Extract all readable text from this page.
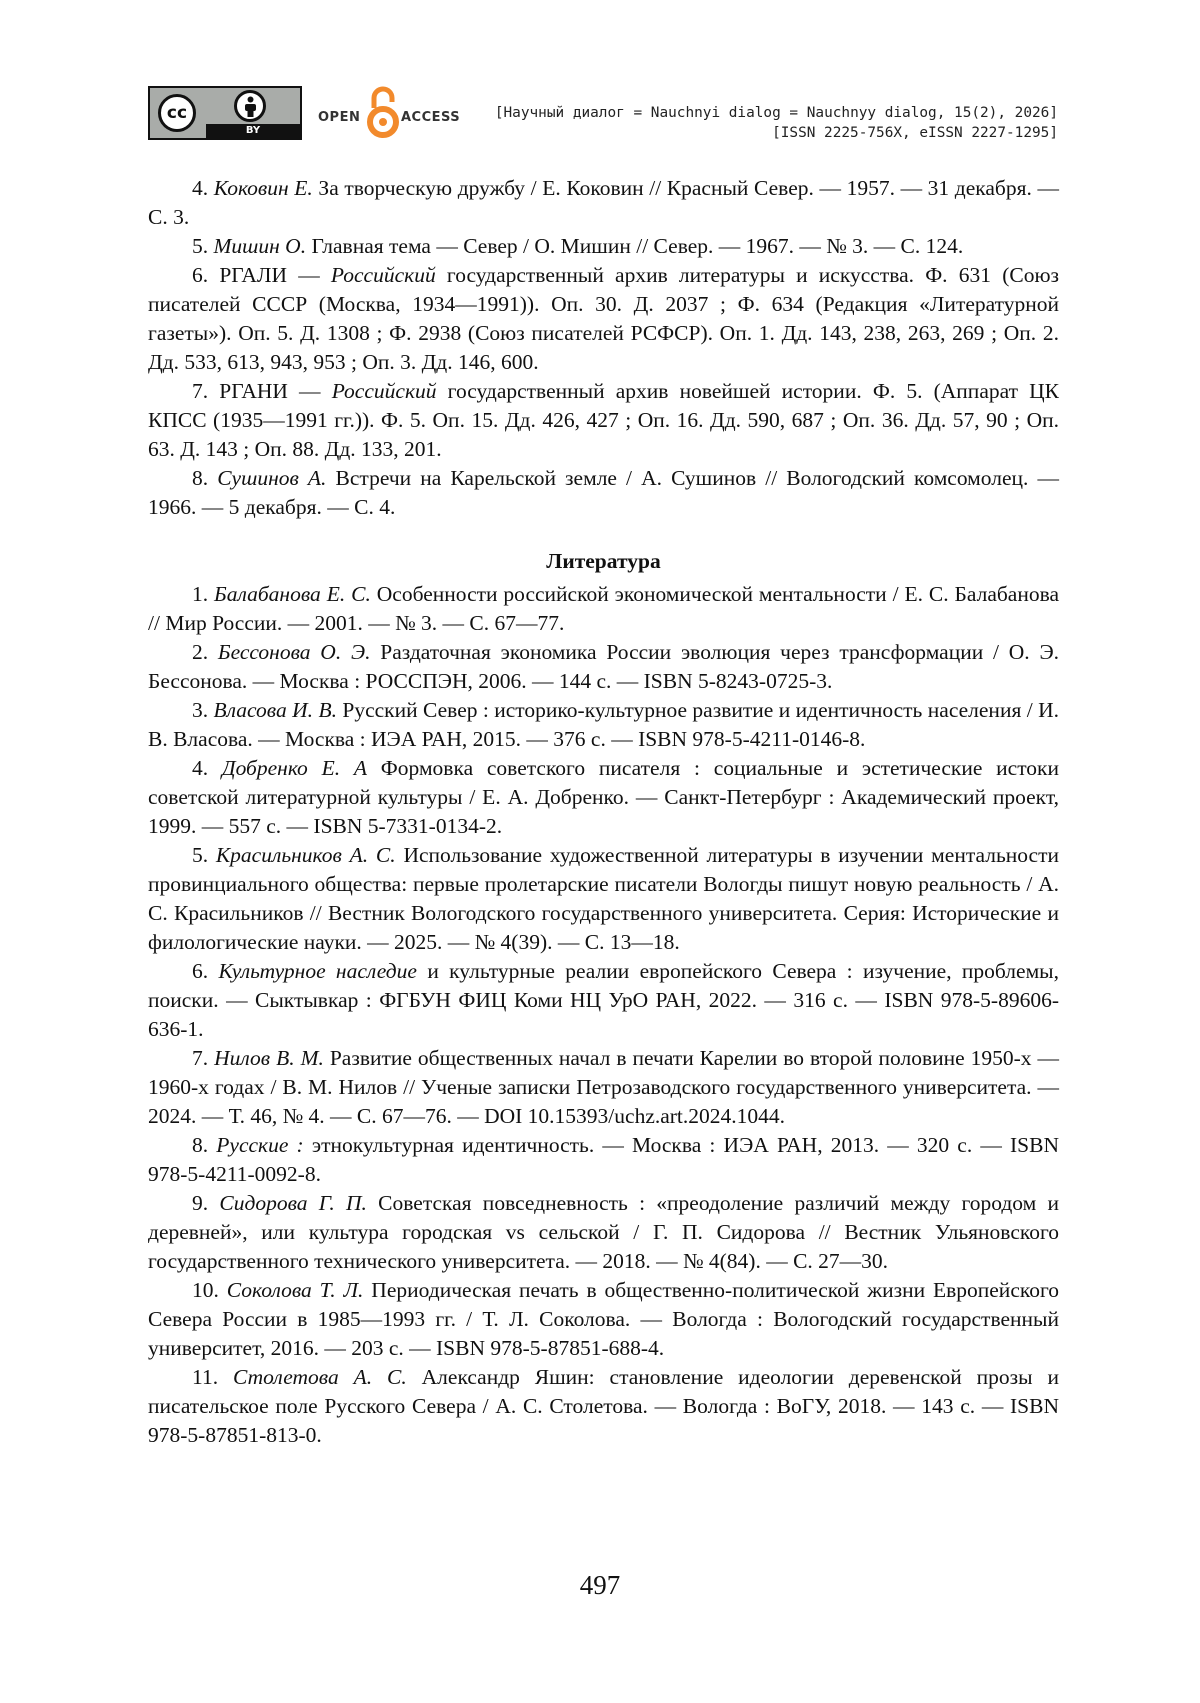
cc
BY
OPEN	ACCESS [Научный диалог = Nauchnyi dialog = Nauchnyy dialog, 15(2), 2026]
[ISSN 2225-756X, eISSN 2227-1295]

4. Коковин Е. За творческую дружбу / Е. Коковин // Красный Север. — 1957. — 31 декабря. — С. 3.

5. Мишин О. Главная тема — Север / О. Мишин // Север. — 1967. — № 3. — С. 124.

6. РГАЛИ — Российский государственный архив литературы и искусства. Ф. 631 (Союз писателей СССР (Москва, 1934—1991)). Оп. 30. Д. 2037 ; Ф. 634 (Редакция «Литературной газеты»). Оп. 5. Д. 1308 ; Ф. 2938 (Союз писателей РСФСР). Оп. 1. Дд. 143, 238, 263, 269 ; Оп. 2. Дд. 533, 613, 943, 953 ; Оп. 3. Дд. 146, 600.

7. РГАНИ — Российский государственный архив новейшей истории. Ф. 5. (Аппарат ЦК КПСС (1935—1991 гг.)). Ф. 5. Оп. 15. Дд. 426, 427 ; Оп. 16. Дд. 590, 687 ; Оп. 36. Дд. 57, 90 ; Оп. 63. Д. 143 ; Оп. 88. Дд. 133, 201.

8. Сушинов А. Встречи на Карельской земле / А. Сушинов // Вологодский комсомолец. — 1966. — 5 декабря. — С. 4.

Литература

1. Балабанова Е. С. Особенности российской экономической ментальности / Е. С. Балабанова // Мир России. — 2001. — № 3. — С. 67—77.

2. Бессонова О. Э. Раздаточная экономика России эволюция через трансформации / О. Э. Бессонова. — Москва : РОССПЭН, 2006. — 144 с. — ISBN 5-8243-0725-3.

3. Власова И. В. Русский Север : историко-культурное развитие и идентичность населения / И. В. Власова. — Москва : ИЭА РАН, 2015. — 376 с. — ISBN 978-5-4211-0146-8.

4. Добренко Е. А Формовка советского писателя : социальные и эстетические истоки советской литературной культуры / Е. А. Добренко. — Санкт-Петербург : Академический проект, 1999. — 557 с. — ISBN 5-7331-0134-2.

5. Красильников А. С. Использование художественной литературы в изучении ментальности провинциального общества: первые пролетарские писатели Вологды пишут новую реальность / А. С. Красильников // Вестник Вологодского государственного университета. Серия: Исторические и филологические науки. — 2025. — № 4(39). — С. 13—18.

6. Культурное наследие и культурные реалии европейского Севера : изучение, проблемы, поиски. — Сыктывкар : ФГБУН ФИЦ Коми НЦ УрО РАН, 2022. — 316 с. — ISBN 978-5-89606-636-1.

7. Нилов В. М. Развитие общественных начал в печати Карелии во второй половине 1950-х — 1960-х годах / В. М. Нилов // Ученые записки Петрозаводского государственного университета. — 2024. — Т. 46, № 4. — С. 67—76. — DOI 10.15393/uchz.art.2024.1044.

8. Русские : этнокультурная идентичность. — Москва : ИЭА РАН, 2013. — 320 с. — ISBN 978-5-4211-0092-8.

9. Сидорова Г. П. Советская повседневность : «преодоление различий между городом и деревней», или культура городская vs сельской / Г. П. Сидорова // Вестник Ульяновского государственного технического университета. — 2018. — № 4(84). — С. 27—30.

10. Соколова Т. Л. Периодическая печать в общественно-политической жизни Европейского Севера России в 1985—1993 гг. / Т. Л. Соколова. — Вологда : Вологодский государственный университет, 2016. — 203 с. — ISBN 978-5-87851-688-4.

11. Столетова А. С. Александр Яшин: становление идеологии деревенской прозы и писательское поле Русского Севера / А. С. Столетова. — Вологда : ВоГУ, 2018. — 143 с. — ISBN 978-5-87851-813-0.

497
